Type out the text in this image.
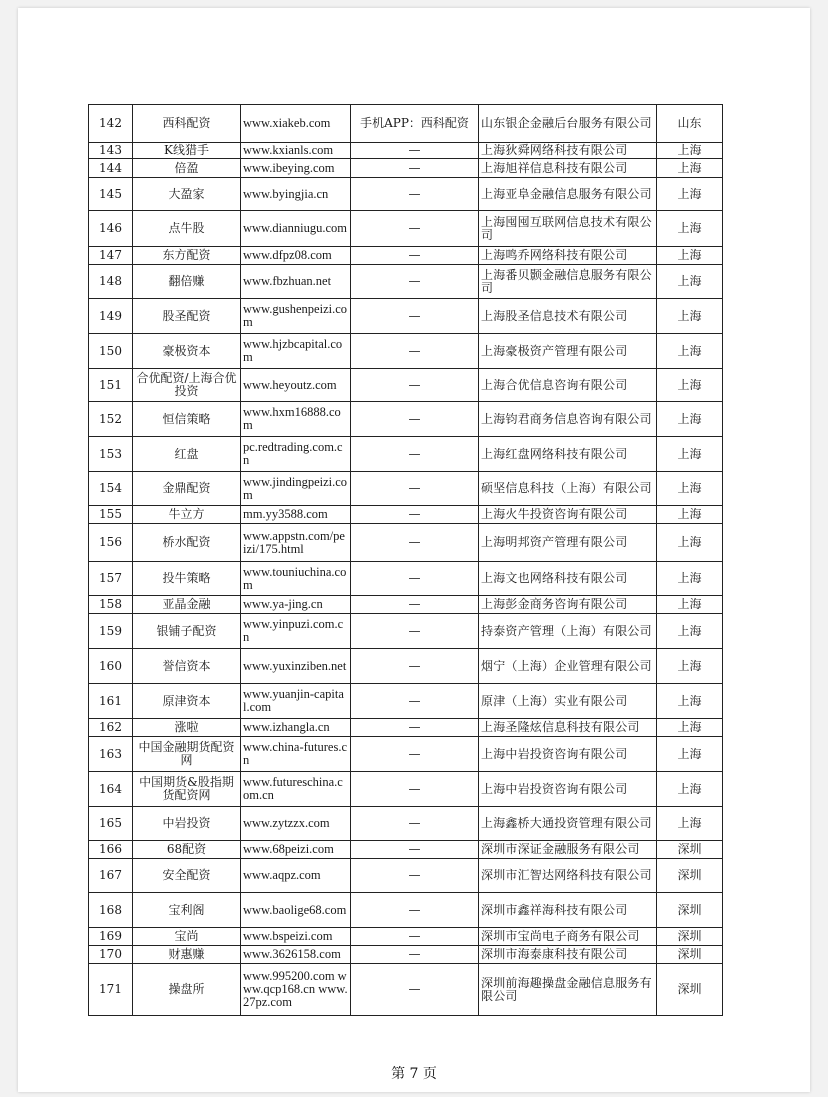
142	西科配资	www.xiakeb.com	手机APP：西科配资	山东银企金融后台服务有限公司	山东
143	K线猎手	www.kxianls.com	—	上海狄舜网络科技有限公司	上海
144	倍盈	www.ibeying.com	—	上海旭祥信息科技有限公司	上海
145	大盈家	www.byingjia.cn	—	上海亚阜金融信息服务有限公司	上海
146	点牛股	www.dianniugu.com	—	上海囤囤互联网信息技术有限公司	上海
147	东方配资	www.dfpz08.com	—	上海鸣乔网络科技有限公司	上海
148	翻倍赚	www.fbzhuan.net	—	上海番贝颢金融信息服务有限公司	上海
149	股圣配资	www.gushenpeizi.com	—	上海股圣信息技术有限公司	上海
150	豪极资本	www.hjzbcapital.com	—	上海豪极资产管理有限公司	上海
151	合优配资/上海合优投资	www.heyoutz.com	—	上海合优信息咨询有限公司	上海
152	恒信策略	www.hxm16888.com	—	上海钧君商务信息咨询有限公司	上海
153	红盘	pc.redtrading.com.cn	—	上海红盘网络科技有限公司	上海
154	金鼎配资	www.jindingpeizi.com	—	硕坚信息科技（上海）有限公司	上海
155	牛立方	mm.yy3588.com	—	上海火牛投资咨询有限公司	上海
156	桥水配资	www.appstn.com/peizi/175.html	—	上海明邦资产管理有限公司	上海
157	投牛策略	www.touniuchina.com	—	上海文也网络科技有限公司	上海
158	亚晶金融	www.ya-jing.cn	—	上海彭金商务咨询有限公司	上海
159	银铺子配资	www.yinpuzi.com.cn	—	持泰资产管理（上海）有限公司	上海
160	誉信资本	www.yuxinziben.net	—	烟宁（上海）企业管理有限公司	上海
161	原津资本	www.yuanjin-capital.com	—	原津（上海）实业有限公司	上海
162	涨啦	www.izhangla.cn	—	上海圣隆炫信息科技有限公司	上海
163	中国金融期货配资网	www.china-futures.cn	—	上海中岩投资咨询有限公司	上海
164	中国期货&股指期货配资网	www.futureschina.com.cn	—	上海中岩投资咨询有限公司	上海
165	中岩投资	www.zytzzx.com	—	上海鑫桥大通投资管理有限公司	上海
166	68配资	www.68peizi.com	—	深圳市深证金融服务有限公司	深圳
167	安全配资	www.aqpz.com	—	深圳市汇智达网络科技有限公司	深圳
168	宝利阁	www.baolige68.com	—	深圳市鑫祥海科技有限公司	深圳
169	宝尚	www.bspeizi.com	—	深圳市宝尚电子商务有限公司	深圳
170	财惠赚	www.3626158.com	—	深圳市海泰康科技有限公司	深圳
171	操盘所	www.995200.com www.qcp168.cn www.27pz.com	—	深圳前海趣操盘金融信息服务有限公司	深圳
第 7 页
